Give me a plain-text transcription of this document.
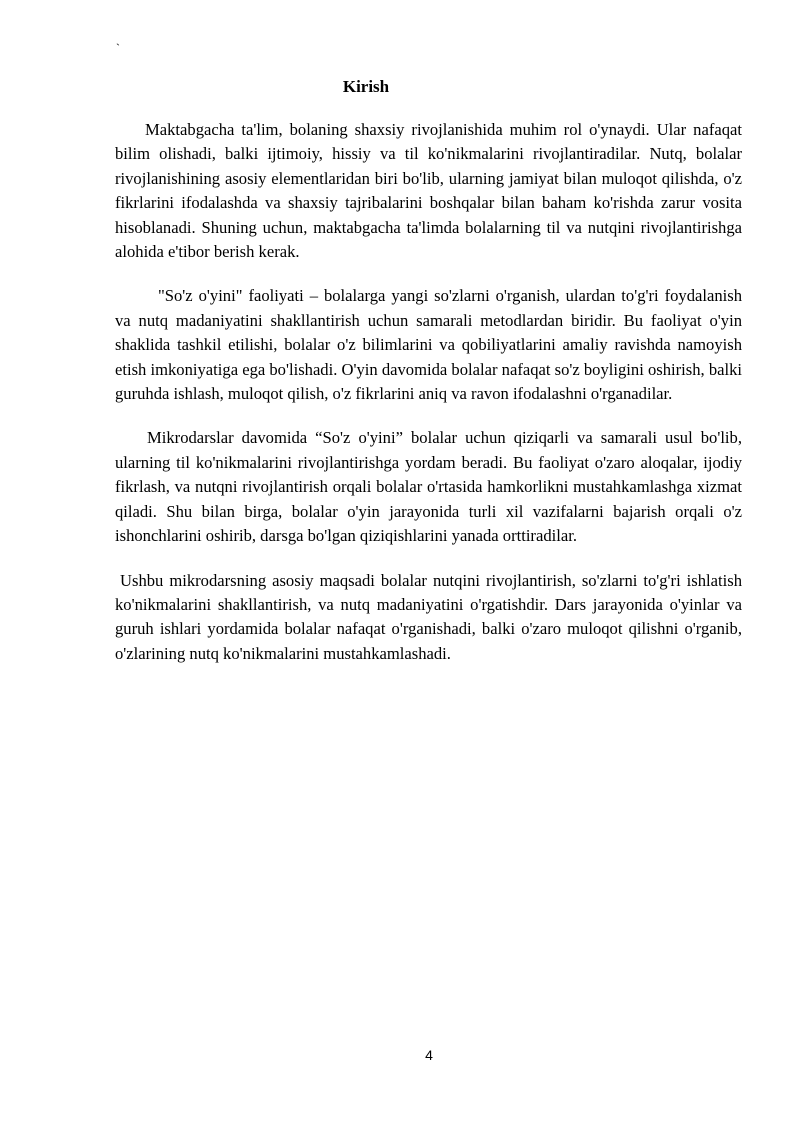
`
Kirish

Maktabgacha ta'lim, bolaning shaxsiy rivojlanishida muhim rol o'ynaydi. Ular nafaqat bilim olishadi, balki ijtimoiy, hissiy va til ko'nikmalarini rivojlantiradilar. Nutq, bolalar rivojlanishining asosiy elementlaridan biri bo'lib, ularning jamiyat bilan muloqot qilishda, o'z fikrlarini ifodalashda va shaxsiy tajribalarini boshqalar bilan baham ko'rishda zarur vosita hisoblanadi. Shuning uchun, maktabgacha ta'limda bolalarning til va nutqini rivojlantirishga alohida e'tibor berish kerak.

"So'z o'yini" faoliyati – bolalarga yangi so'zlarni o'rganish, ulardan to'g'ri foydalanish va nutq madaniyatini shakllantirish uchun samarali metodlardan biridir. Bu faoliyat o'yin shaklida tashkil etilishi, bolalar o'z bilimlarini va qobiliyatlarini amaliy ravishda namoyish etish imkoniyatiga ega bo'lishadi. O'yin davomida bolalar nafaqat so'z boyligini oshirish, balki guruhda ishlash, muloqot qilish, o'z fikrlarini aniq va ravon ifodalashni o'rganadilar.

Mikrodarslar davomida “So'z o'yini” bolalar uchun qiziqarli va samarali usul bo'lib, ularning til ko'nikmalarini rivojlantirishga yordam beradi. Bu faoliyat o'zaro aloqalar, ijodiy fikrlash, va nutqni rivojlantirish orqali bolalar o'rtasida hamkorlikni mustahkamlashga xizmat qiladi. Shu bilan birga, bolalar o'yin jarayonida turli xil vazifalarni bajarish orqali o'z ishonchlarini oshirib, darsga bo'lgan qiziqishlarini yanada orttiradilar.

Ushbu mikrodarsning asosiy maqsadi bolalar nutqini rivojlantirish, so'zlarni to'g'ri ishlatish ko'nikmalarini shakllantirish, va nutq madaniyatini o'rgatishdir. Dars jarayonida o'yinlar va guruh ishlari yordamida bolalar nafaqat o'rganishadi, balki o'zaro muloqot qilishni o'rganib, o'zlarining nutq ko'nikmalarini mustahkamlashadi.

4
